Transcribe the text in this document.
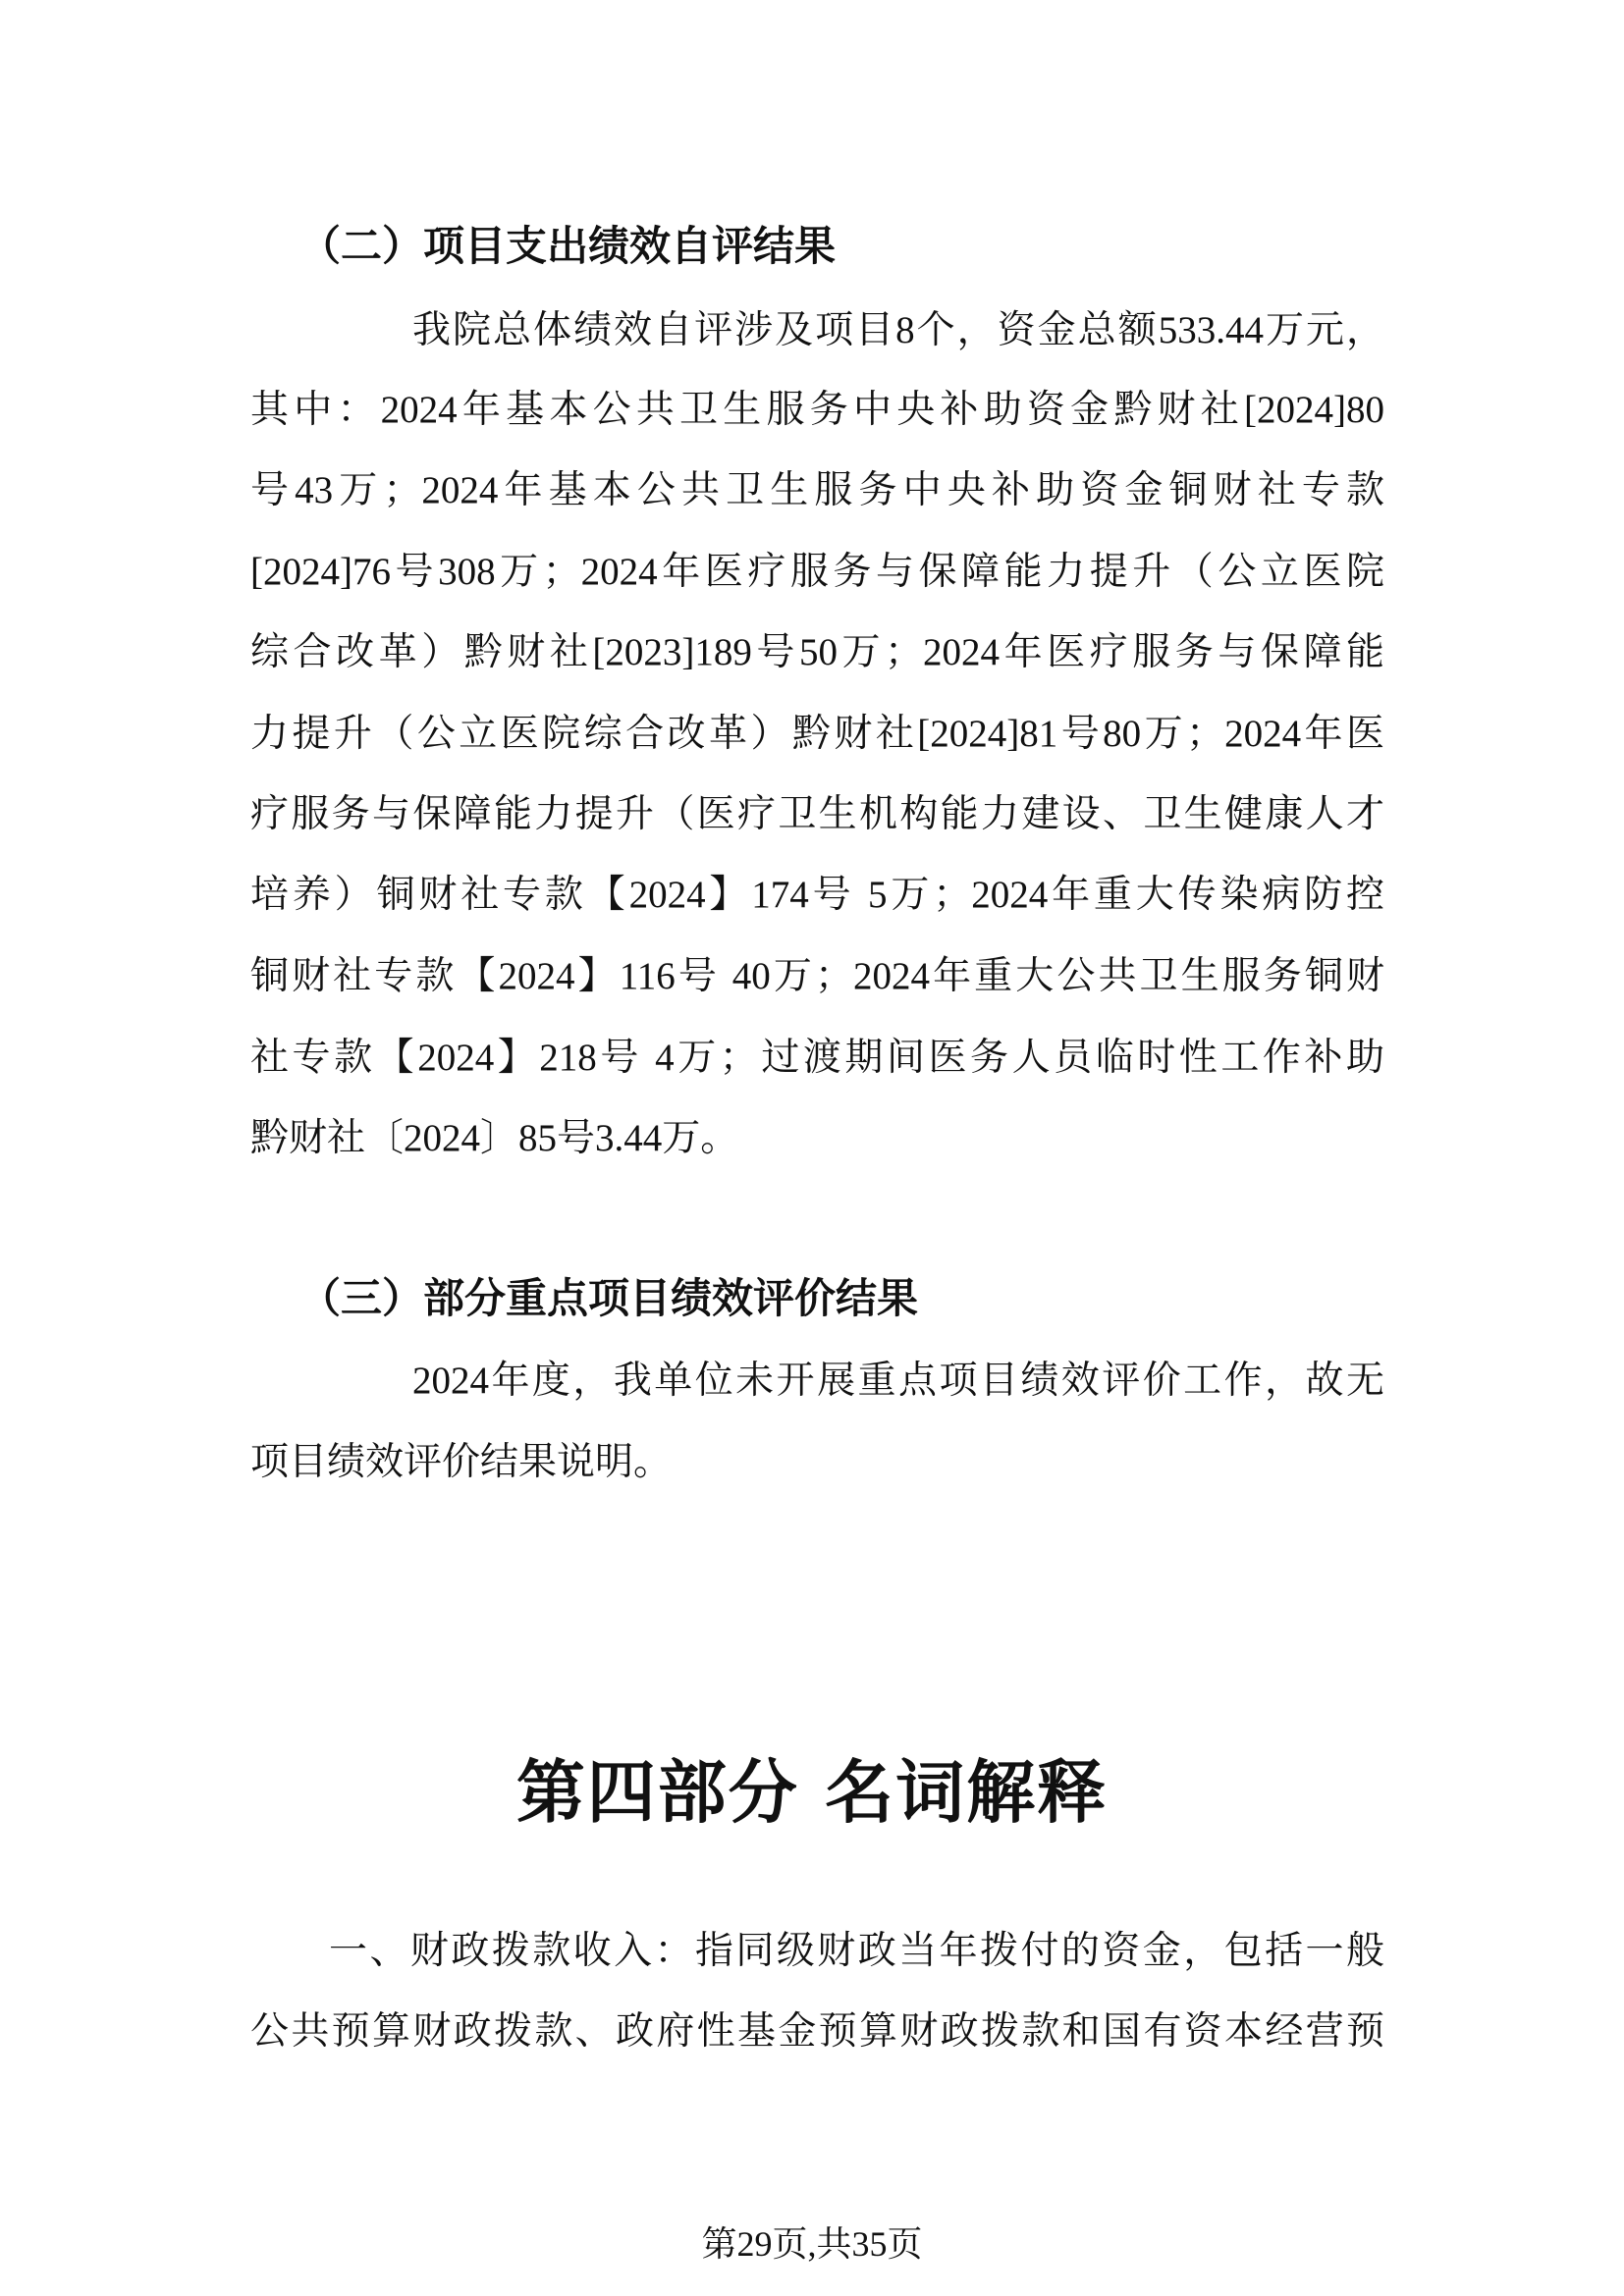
（二）项目支出绩效自评结果
我院总体绩效自评涉及项目8个，资金总额533.44万元，
其中：2024年基本公共卫生服务中央补助资金黔财社[2024]80
号43万；2024年基本公共卫生服务中央补助资金铜财社专款
[2024]76号308万；2024年医疗服务与保障能力提升（公立医院
综合改革）黔财社[2023]189号50万；2024年医疗服务与保障能
力提升（公立医院综合改革）黔财社[2024]81号80万；2024年医
疗服务与保障能力提升（医疗卫生机构能力建设、卫生健康人才
培养）铜财社专款【2024】174号 5万；2024年重大传染病防控
铜财社专款【2024】116号 40万；2024年重大公共卫生服务铜财
社专款【2024】218号 4万；过渡期间医务人员临时性工作补助
黔财社〔2024〕85号3.44万。
（三）部分重点项目绩效评价结果
2024年度，我单位未开展重点项目绩效评价工作，故无
项目绩效评价结果说明。
第四部分 名词解释
一、财政拨款收入：指同级财政当年拨付的资金，包括一般
公共预算财政拨款、政府性基金预算财政拨款和国有资本经营预
第29页,共35页
